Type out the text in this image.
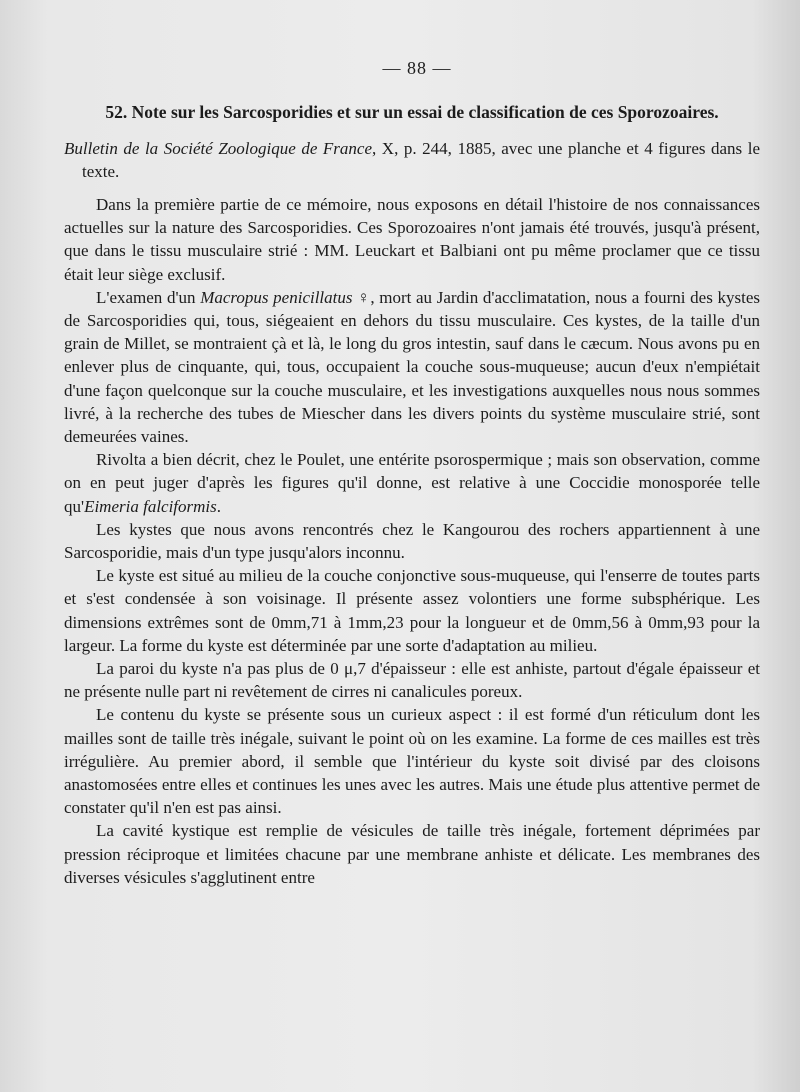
— 88 —
52. Note sur les Sarcosporidies et sur un essai de classification de ces Sporozoaires.
Bulletin de la Société Zoologique de France, X, p. 244, 1885, avec une planche et 4 figures dans le texte.

Dans la première partie de ce mémoire, nous exposons en détail l'histoire de nos connaissances actuelles sur la nature des Sarcosporidies. Ces Sporozoaires n'ont jamais été trouvés, jusqu'à présent, que dans le tissu musculaire strié : MM. Leuckart et Balbiani ont pu même proclamer que ce tissu était leur siège exclusif.

L'examen d'un Macropus penicillatus ♀, mort au Jardin d'acclimatation, nous a fourni des kystes de Sarcosporidies qui, tous, siégeaient en dehors du tissu musculaire. Ces kystes, de la taille d'un grain de Millet, se montraient çà et là, le long du gros intestin, sauf dans le cæcum. Nous avons pu en enlever plus de cinquante, qui, tous, occupaient la couche sous-muqueuse; aucun d'eux n'empiétait d'une façon quelconque sur la couche musculaire, et les investigations auxquelles nous nous sommes livré, à la recherche des tubes de Miescher dans les divers points du système musculaire strié, sont demeurées vaines.

Rivolta a bien décrit, chez le Poulet, une entérite psorospermique ; mais son observation, comme on en peut juger d'après les figures qu'il donne, est relative à une Coccidie monosporée telle qu'Eimeria falciformis.

Les kystes que nous avons rencontrés chez le Kangourou des rochers appartiennent à une Sarcosporidie, mais d'un type jusqu'alors inconnu.

Le kyste est situé au milieu de la couche conjonctive sous-muqueuse, qui l'enserre de toutes parts et s'est condensée à son voisinage. Il présente assez volontiers une forme subsphérique. Les dimensions extrêmes sont de 0mm,71 à 1mm,23 pour la longueur et de 0mm,56 à 0mm,93 pour la largeur. La forme du kyste est déterminée par une sorte d'adaptation au milieu.

La paroi du kyste n'a pas plus de 0 μ,7 d'épaisseur : elle est anhiste, partout d'égale épaisseur et ne présente nulle part ni revêtement de cirres ni canalicules poreux.

Le contenu du kyste se présente sous un curieux aspect : il est formé d'un réticulum dont les mailles sont de taille très inégale, suivant le point où on les examine. La forme de ces mailles est très irrégulière. Au premier abord, il semble que l'intérieur du kyste soit divisé par des cloisons anastomosées entre elles et continues les unes avec les autres. Mais une étude plus attentive permet de constater qu'il n'en est pas ainsi.

La cavité kystique est remplie de vésicules de taille très inégale, fortement déprimées par pression réciproque et limitées chacune par une membrane anhiste et délicate. Les membranes des diverses vésicules s'agglutinent entre
